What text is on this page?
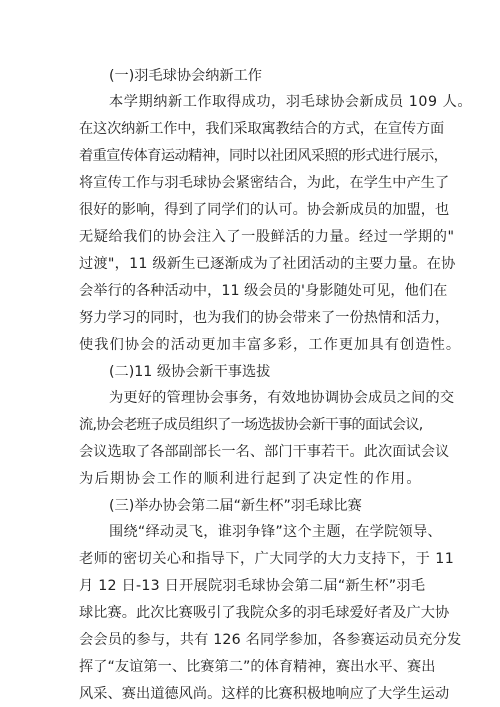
(一)羽毛球协会纳新工作
本学期纳新工作取得成功，羽毛球协会新成员 109 人。
在这次纳新工作中，我们采取寓教结合的方式，在宣传方面
着重宣传体育运动精神，同时以社团风采照的形式进行展示，
将宣传工作与羽毛球协会紧密结合，为此，在学生中产生了
很好的影响，得到了同学们的认可。协会新成员的加盟，也
无疑给我们的协会注入了一股鲜活的力量。经过一学期的"
过渡"，11 级新生已逐渐成为了社团活动的主要力量。在协
会举行的各种活动中，11 级会员的'身影随处可见，他们在
努力学习的同时，也为我们的协会带来了一份热情和活力，
使我们协会的活动更加丰富多彩，工作更加具有创造性。
(二)11 级协会新干事选拔
为更好的管理协会事务，有效地协调协会成员之间的交
流,协会老班子成员组织了一场选拔协会新干事的面试会议,
会议选取了各部副部长一名、部门干事若干。此次面试会议
为后期协会工作的顺利进行起到了决定性的作用。
(三)举办协会第二届“新生杯”羽毛球比赛
围绕“绎动灵飞，谁羽争锋”这个主题，在学院领导、
老师的密切关心和指导下，广大同学的大力支持下，于 11
月 12 日-13 日开展院羽毛球协会第二届“新生杯”羽毛
球比赛。此次比赛吸引了我院众多的羽毛球爱好者及广大协
会会员的参与，共有 126 名同学参加，各参赛运动员充分发
挥了“友谊第一、比赛第二”的体育精神，赛出水平、赛出
风采、赛出道德风尚。这样的比赛积极地响应了大学生运动
